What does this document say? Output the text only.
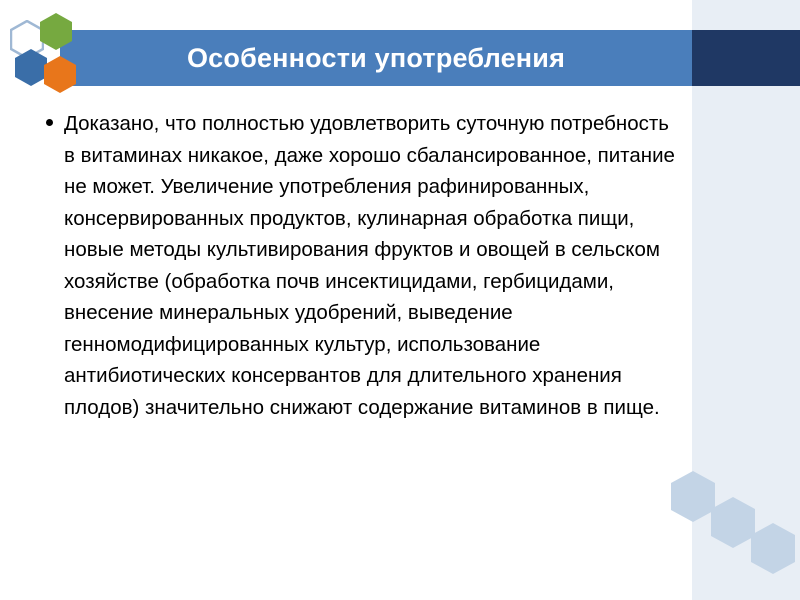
Особенности употребления
Доказано, что полностью удовлетворить суточную потребность в витаминах никакое, даже хорошо сбалансированное, питание не может. Увеличение употребления рафинированных, консервированных продуктов, кулинарная обработка пищи, новые методы культивирования фруктов и овощей в сельском хозяйстве (обработка почв инсектицидами, гербицидами, внесение минеральных удобрений, выведение генномодифицированных культур, использование антибиотических консервантов для длительного хранения плодов) значительно снижают содержание витаминов в пище.
